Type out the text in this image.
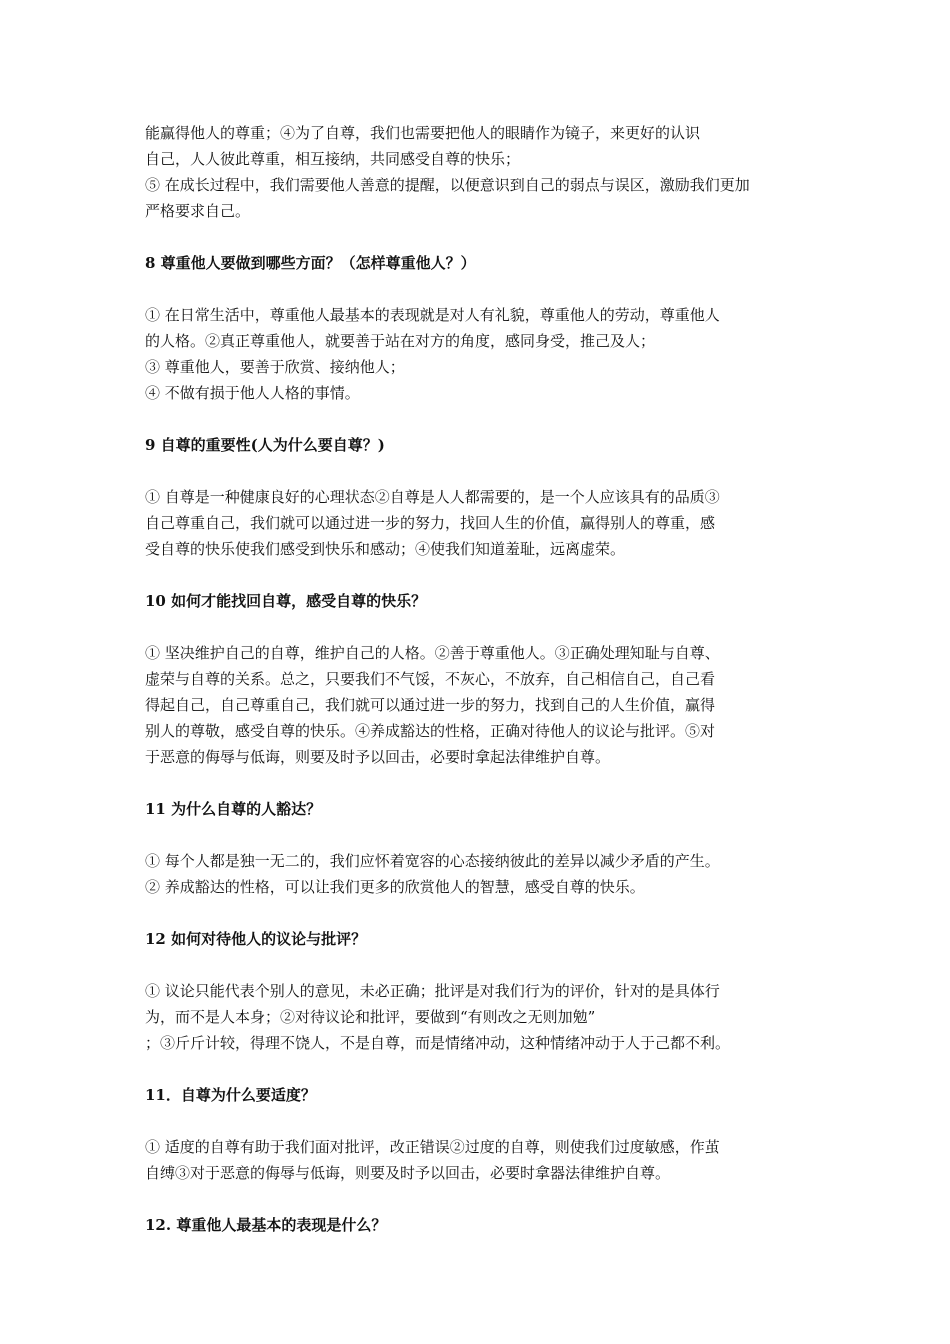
能赢得他人的尊重；④为了自尊，我们也需要把他人的眼睛作为镜子，来更好的认识
自己，人人彼此尊重，相互接纳，共同感受自尊的快乐；
⑤ 在成长过程中，我们需要他人善意的提醒，以便意识到自己的弱点与误区，激励我们更加
严格要求自己。
8 尊重他人要做到哪些方面？（怎样尊重他人？）
① 在日常生活中，尊重他人最基本的表现就是对人有礼貌，尊重他人的劳动，尊重他人
的人格。②真正尊重他人，就要善于站在对方的角度，感同身受，推己及人；
③ 尊重他人，要善于欣赏、接纳他人；
④ 不做有损于他人人格的事情。
9 自尊的重要性(人为什么要自尊？)
① 自尊是一种健康良好的心理状态②自尊是人人都需要的，是一个人应该具有的品质③
自己尊重自己，我们就可以通过进一步的努力，找回人生的价值，赢得别人的尊重，感
受自尊的快乐使我们感受到快乐和感动；④使我们知道羞耻，远离虚荣。
10 如何才能找回自尊，感受自尊的快乐？
① 坚决维护自己的自尊，维护自己的人格。②善于尊重他人。③正确处理知耻与自尊、
虚荣与自尊的关系。总之，只要我们不气馁，不灰心，不放弃，自己相信自己，自己看
得起自己，自己尊重自己，我们就可以通过进一步的努力，找到自己的人生价值，赢得
别人的尊敬，感受自尊的快乐。④养成豁达的性格，正确对待他人的议论与批评。⑤对
于恶意的侮辱与低诲，则要及时予以回击，必要时拿起法律维护自尊。
11 为什么自尊的人豁达？
① 每个人都是独一无二的，我们应怀着宽容的心态接纳彼此的差异以减少矛盾的产生。
② 养成豁达的性格，可以让我们更多的欣赏他人的智慧，感受自尊的快乐。
12 如何对待他人的议论与批评？
① 议论只能代表个别人的意见，未必正确；批评是对我们行为的评价，针对的是具体行
为，而不是人本身；②对待议论和批评，要做到“有则改之无则加勉”
；③斤斤计较，得理不饶人，不是自尊，而是情绪冲动，这种情绪冲动于人于己都不利。
11．自尊为什么要适度？
① 适度的自尊有助于我们面对批评，改正错误②过度的自尊，则使我们过度敏感，作茧
自缚③对于恶意的侮辱与低诲，则要及时予以回击，必要时拿器法律维护自尊。
12. 尊重他人最基本的表现是什么？
